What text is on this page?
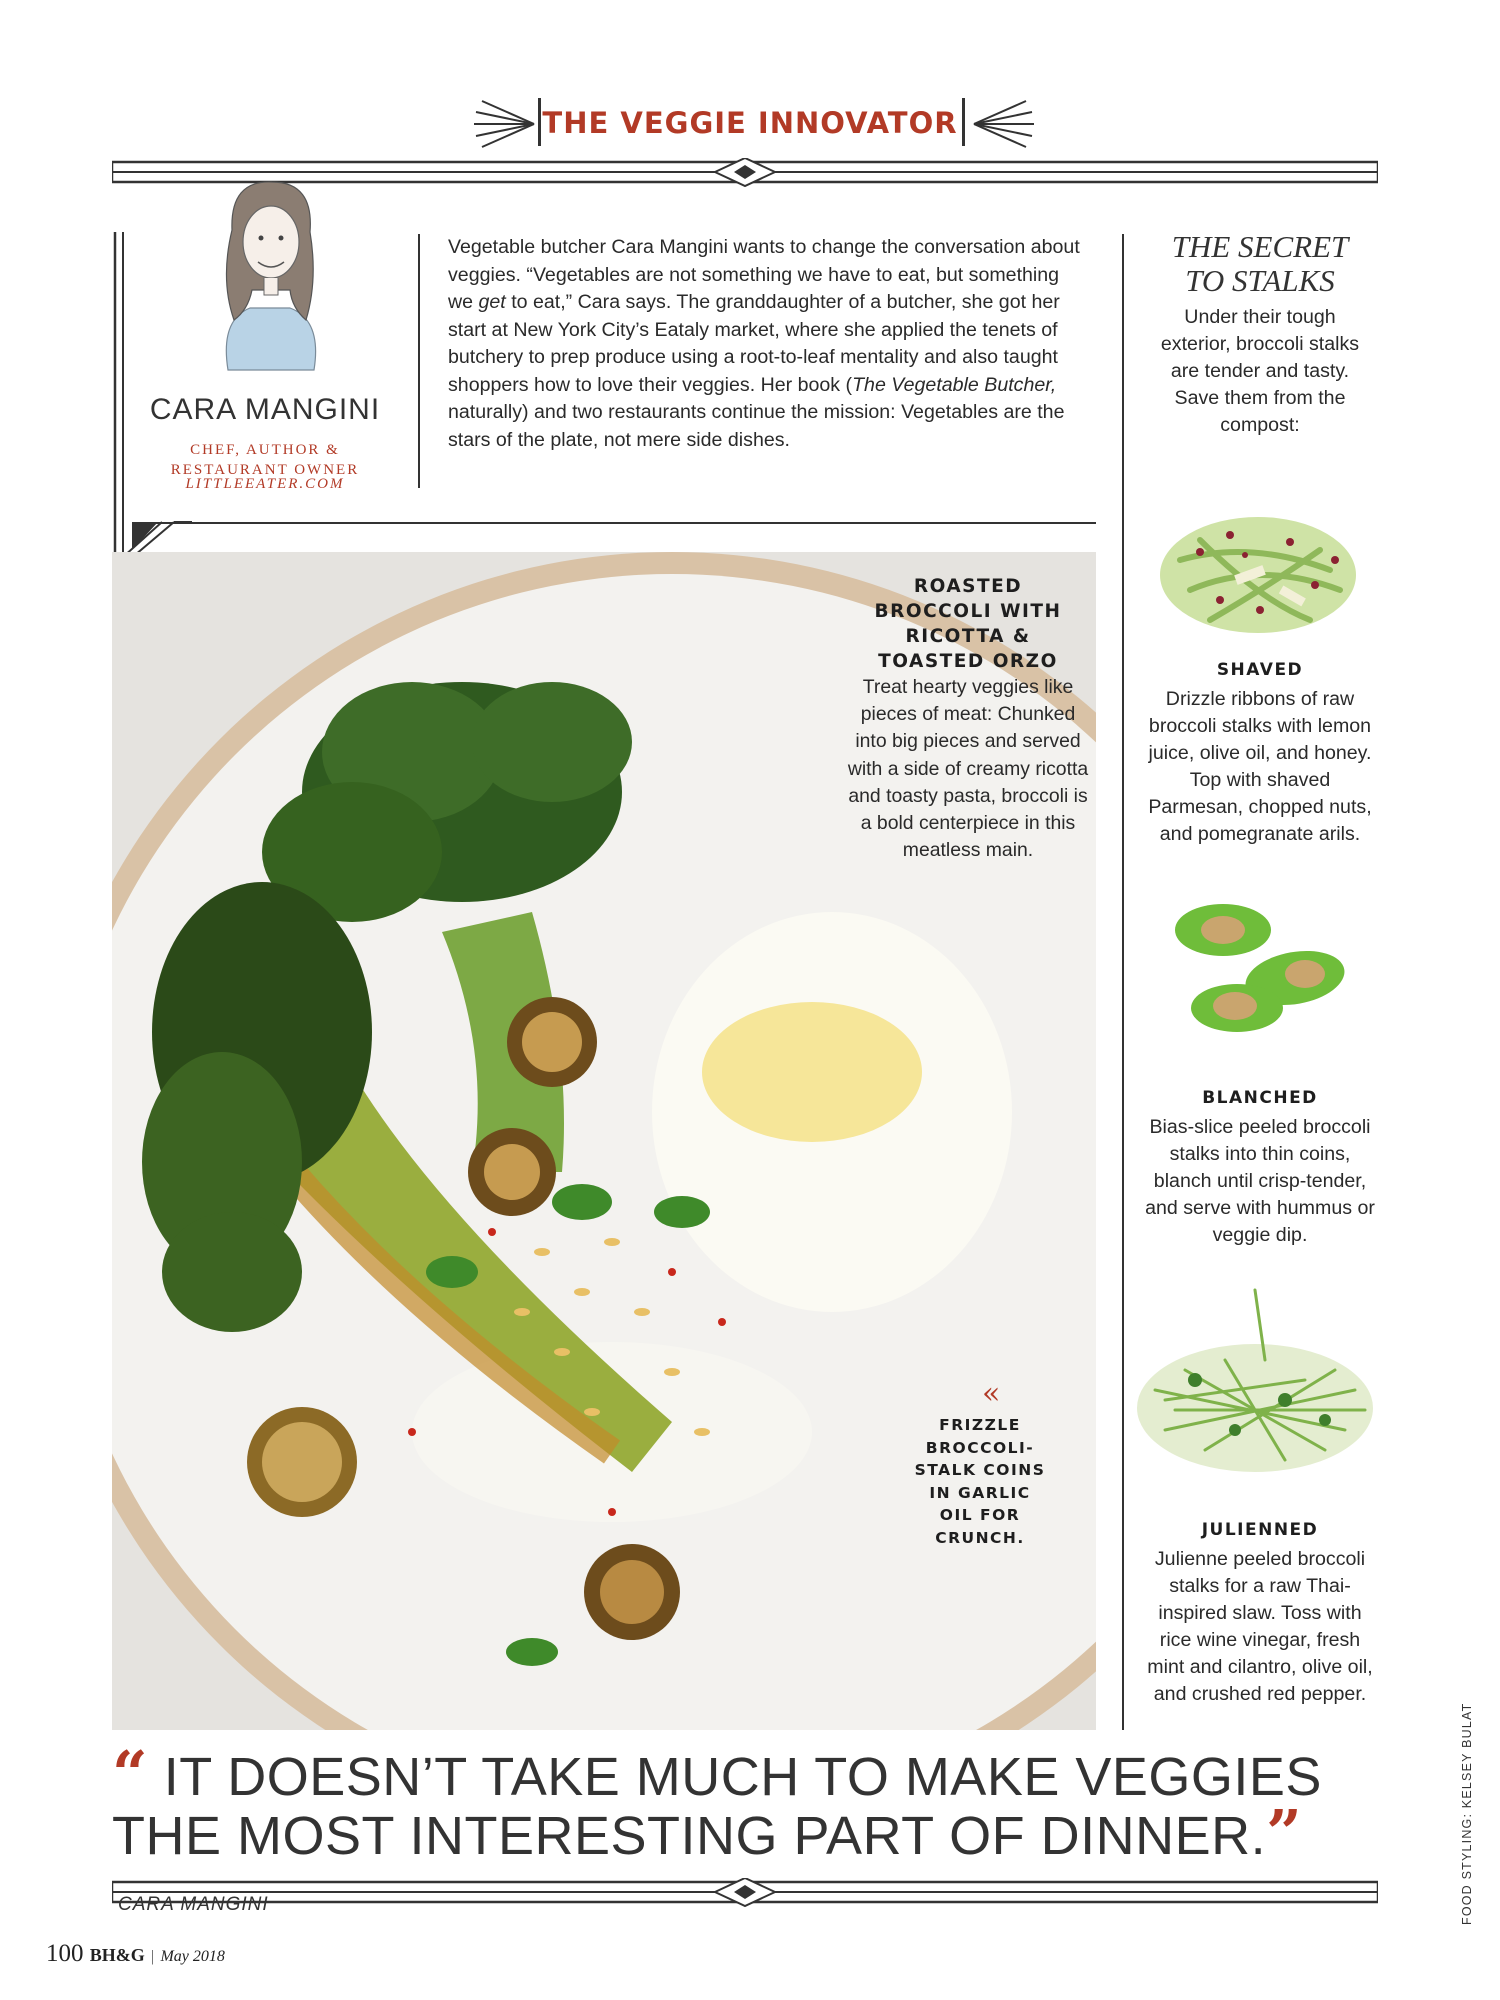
THE VEGGIE INNOVATOR
CARA MANGINI
CHEF, AUTHOR &
RESTAURANT OWNER
LITTLEEATER.COM

Vegetable butcher Cara Mangini wants to change the conversation about veggies. “Vegetables are not something we have to eat, but something we get to eat,” Cara says. The granddaughter of a butcher, she got her start at New York City’s Eataly market, where she applied the tenets of butchery to prep produce using a root-to-leaf mentality and also taught shoppers how to love their veggies. Her book (The Vegetable Butcher, naturally) and two restaurants continue the mission: Vegetables are the stars of the plate, not mere side dishes.

THE SECRET
TO STALKS
Under their tough exterior, broccoli stalks are tender and tasty. Save them from the compost:
SHAVED
Drizzle ribbons of raw broccoli stalks with lemon juice, olive oil, and honey. Top with shaved Parmesan, chopped nuts, and pomegranate arils.
BLANCHED
Bias-slice peeled broccoli stalks into thin coins, blanch until crisp-tender, and serve with hummus or veggie dip.
JULIENNED
Julienne peeled broccoli stalks for a raw Thai-inspired slaw. Toss with rice wine vinegar, fresh mint and cilantro, olive oil, and crushed red pepper.
ROASTED BROCCOLI WITH RICOTTA & TOASTED ORZO
Treat hearty veggies like pieces of meat: Chunked into big pieces and served with a side of creamy ricotta and toasty pasta, broccoli is a bold centerpiece in this meatless main.
«
FRIZZLE BROCCOLI-STALK COINS IN GARLIC OIL FOR CRUNCH.
“ IT DOESN’T TAKE MUCH TO MAKE VEGGIES THE MOST INTERESTING PART OF DINNER.” CARA MANGINI
100 BH&G | May 2018
FOOD STYLING: KELSEY BULAT
